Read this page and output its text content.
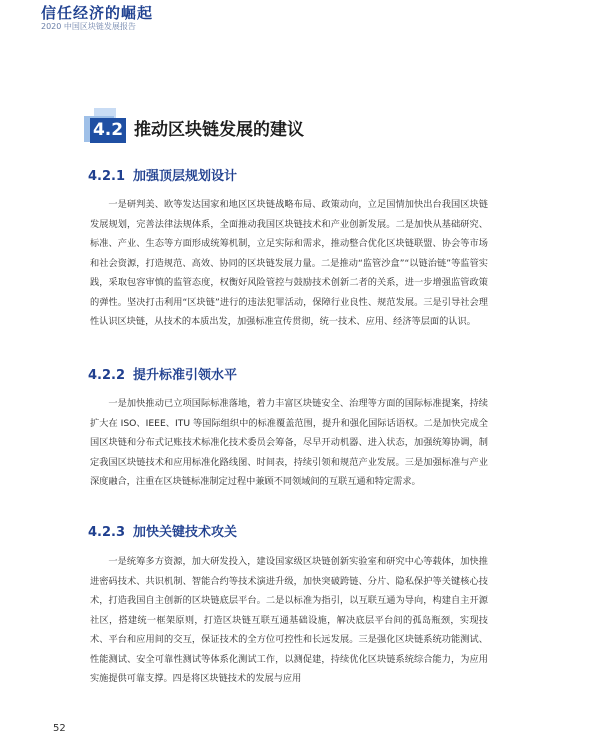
信任经济的崛起
2020 中国区块链发展报告
4.2 推动区块链发展的建议
4.2.1 加强顶层规划设计
一是研判美、欧等发达国家和地区区块链战略布局、政策动向，立足国情加快出台我国区块链发展规划，完善法律法规体系，全面推动我国区块链技术和产业创新发展。二是加快从基础研究、标准、产业、生态等方面形成统筹机制，立足实际和需求，推动整合优化区块链联盟、协会等市场和社会资源，打造规范、高效、协同的区块链发展力量。二是推动“监管沙盒”“以链治链”等监管实践，采取包容审慎的监管态度，权衡好风险管控与鼓励技术创新二者的关系，进一步增强监管政策的弹性。坚决打击利用“区块链”进行的违法犯罪活动，保障行业良性、规范发展。三是引导社会理性认识区块链，从技术的本质出发，加强标准宣传贯彻，统一技术、应用、经济等层面的认识。
4.2.2 提升标准引领水平
一是加快推动已立项国际标准落地，着力丰富区块链安全、治理等方面的国际标准提案，持续扩大在 ISO、IEEE、ITU 等国际组织中的标准覆盖范围，提升和强化国际话语权。二是加快完成全国区块链和分布式记账技术标准化技术委员会筹备，尽早开动机器、进入状态，加强统筹协调，制定我国区块链技术和应用标准化路线图、时间表，持续引领和规范产业发展。三是加强标准与产业深度融合，注重在区块链标准制定过程中兼顾不同领域间的互联互通和特定需求。
4.2.3 加快关键技术攻关
一是统筹多方资源，加大研发投入，建设国家级区块链创新实验室和研究中心等载体，加快推进密码技术、共识机制、智能合约等技术演进升级，加快突破跨链、分片、隐私保护等关键核心技术，打造我国自主创新的区块链底层平台。二是以标准为指引，以互联互通为导向，构建自主开源社区，搭建统一框架原则，打造区块链互联互通基础设施，解决底层平台间的孤岛瓶颈，实现技术、平台和应用间的交互，保证技术的全方位可控性和长远发展。三是强化区块链系统功能测试、性能测试、安全可靠性测试等体系化测试工作，以测促建，持续优化区块链系统综合能力，为应用实施提供可靠支撑。四是将区块链技术的发展与应用
52
